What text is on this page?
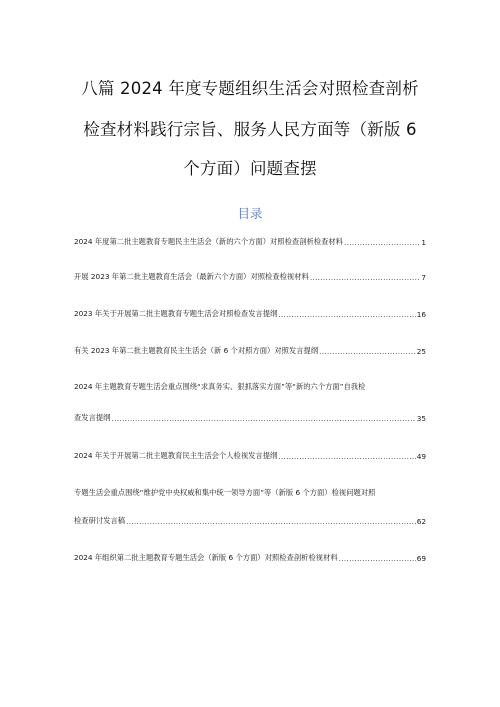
八篇 2024 年度专题组织生活会对照检查剖析
检查材料践行宗旨、服务人民方面等（新版 6
个方面）问题查摆
目录
2024 年度第二批主题教育专题民主生活会（新的六个方面）对照检查剖析检查材料 .....	1
开展 2023 年第二批主题教育生活会（最新六个方面）对照检查检视材料 .....	7
2023 年关于开展第二批主题教育专题生活会对照检查发言提纲 .....	16
有关 2023 年第二批主题教育民主生活会（新 6 个对照方面）对照发言提纲 .....	25
2024 年主题教育专题生活会重点围绕“求真务实、狠抓落实方面”等“新的六个方面”自我检
查发言提纲 .....	35
2024 年关于开展第二批主题教育民主生活会个人检视发言提纲 .....	49
专题生活会重点围绕“维护党中央权威和集中统一领导方面”等（新版 6 个方面）检视问题对照
检查研讨发言稿 .....	62
2024 年组织第二批主题教育专题生活会（新版 6 个方面）对照检查剖析检视材料 .....	69
